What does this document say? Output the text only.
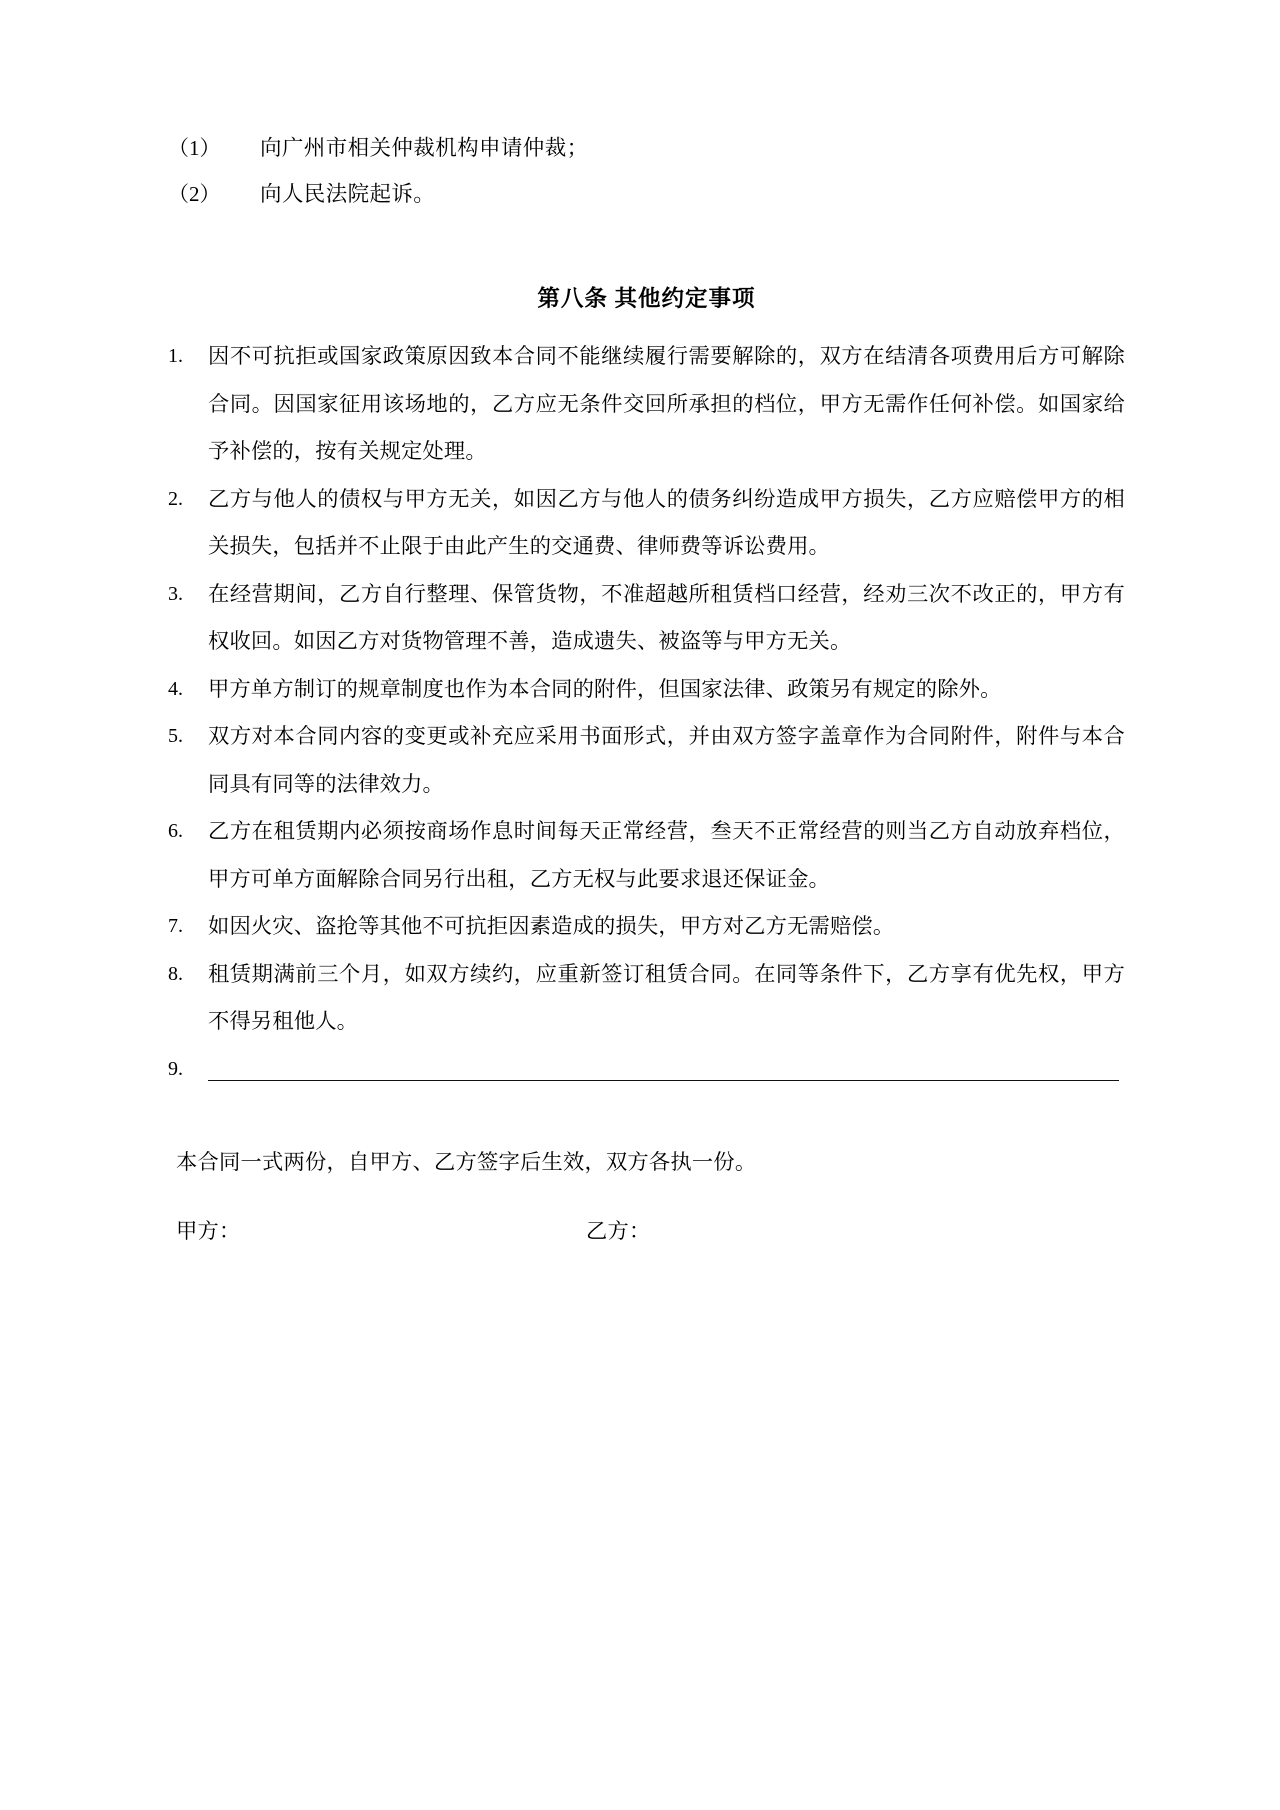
（1）	向广州市相关仲裁机构申请仲裁；
（2）	向人民法院起诉。
第八条 其他约定事项
1.	因不可抗拒或国家政策原因致本合同不能继续履行需要解除的，双方在结清各项费用后方可解除合同。因国家征用该场地的，乙方应无条件交回所承担的档位，甲方无需作任何补偿。如国家给予补偿的，按有关规定处理。
2.	乙方与他人的债权与甲方无关，如因乙方与他人的债务纠纷造成甲方损失，乙方应赔偿甲方的相关损失，包括并不止限于由此产生的交通费、律师费等诉讼费用。
3.	在经营期间，乙方自行整理、保管货物，不准超越所租赁档口经营，经劝三次不改正的，甲方有权收回。如因乙方对货物管理不善，造成遗失、被盗等与甲方无关。
4.	甲方单方制订的规章制度也作为本合同的附件，但国家法律、政策另有规定的除外。
5.	双方对本合同内容的变更或补充应采用书面形式，并由双方签字盖章作为合同附件，附件与本合同具有同等的法律效力。
6.	乙方在租赁期内必须按商场作息时间每天正常经营，叁天不正常经营的则当乙方自动放弃档位，甲方可单方面解除合同另行出租，乙方无权与此要求退还保证金。
7.	如因火灾、盗抢等其他不可抗拒因素造成的损失，甲方对乙方无需赔偿。
8.	租赁期满前三个月，如双方续约，应重新签订租赁合同。在同等条件下，乙方享有优先权，甲方不得另租他人。
9.

本合同一式两份，自甲方、乙方签字后生效，双方各执一份。

甲方：	乙方：
